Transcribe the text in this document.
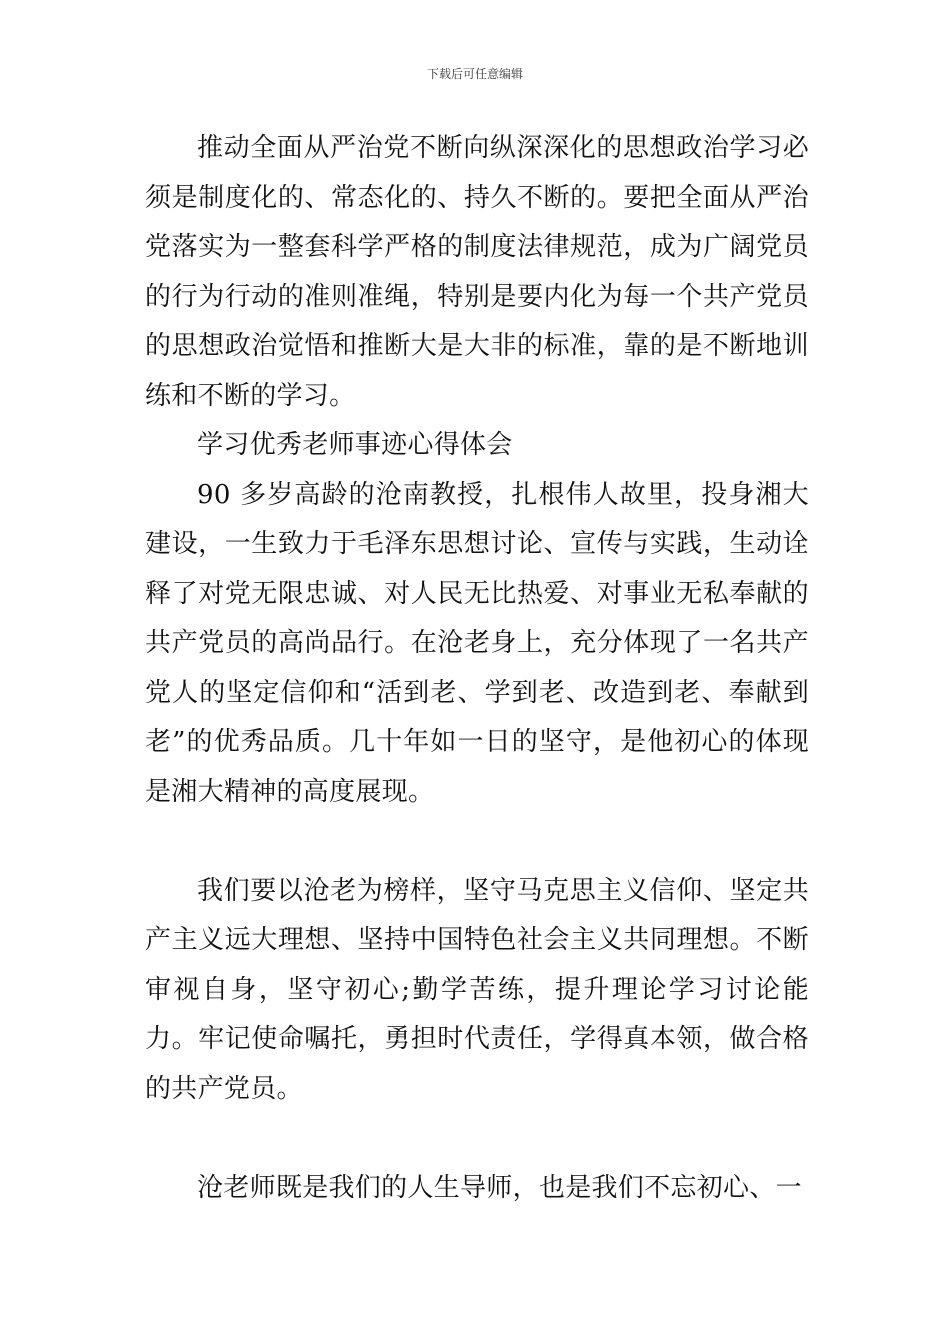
下载后可任意编辑

推动全面从严治党不断向纵深深化的思想政治学习必须是制度化的、常态化的、持久不断的。要把全面从严治党落实为一整套科学严格的制度法律规范，成为广阔党员的行为行动的准则准绳，特别是要内化为每一个共产党员的思想政治觉悟和推断大是大非的标准，靠的是不断地训练和不断的学习。

学习优秀老师事迹心得体会

90 多岁高龄的沧南教授，扎根伟人故里，投身湘大建设，一生致力于毛泽东思想讨论、宣传与实践，生动诠释了对党无限忠诚、对人民无比热爱、对事业无私奉献的共产党员的高尚品行。在沧老身上，充分体现了一名共产党人的坚定信仰和“活到老、学到老、改造到老、奉献到老”的优秀品质。几十年如一日的坚守，是他初心的体现是湘大精神的高度展现。

我们要以沧老为榜样，坚守马克思主义信仰、坚定共产主义远大理想、坚持中国特色社会主义共同理想。不断审视自身，坚守初心;勤学苦练，提升理论学习讨论能力。牢记使命嘱托，勇担时代责任，学得真本领，做合格的共产党员。

沧老师既是我们的人生导师，也是我们不忘初心、一
